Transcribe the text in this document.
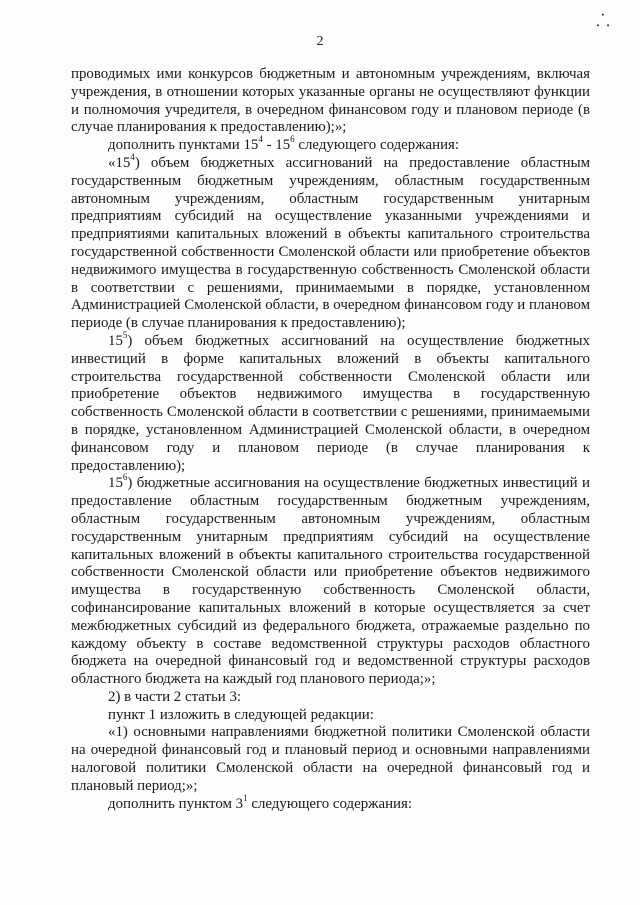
⸫
2

проводимых ими конкурсов бюджетным и автономным учреждениям, включая учреждения, в отношении которых указанные органы не осуществляют функции и полномочия учредителя, в очередном финансовом году и плановом периоде (в случае планирования к предоставлению);»;

дополнить пунктами $15^4 - 15^6$ следующего содержания:

«$15^4$) объем бюджетных ассигнований на предоставление областным государственным бюджетным учреждениям, областным государственным автономным учреждениям, областным государственным унитарным предприятиям субсидий на осуществление указанными учреждениями и предприятиями капитальных вложений в объекты капитального строительства государственной собственности Смоленской области или приобретение объектов недвижимого имущества в государственную собственность Смоленской области в соответствии с решениями, принимаемыми в порядке, установленном Администрацией Смоленской области, в очередном финансовом году и плановом периоде (в случае планирования к предоставлению);

$15^5$) объем бюджетных ассигнований на осуществление бюджетных инвестиций в форме капитальных вложений в объекты капитального строительства государственной собственности Смоленской области или приобретение объектов недвижимого имущества в государственную собственность Смоленской области в соответствии с решениями, принимаемыми в порядке, установленном Администрацией Смоленской области, в очередном финансовом году и плановом периоде (в случае планирования к предоставлению);

$15^6$) бюджетные ассигнования на осуществление бюджетных инвестиций и предоставление областным государственным бюджетным учреждениям, областным государственным автономным учреждениям, областным государственным унитарным предприятиям субсидий на осуществление капитальных вложений в объекты капитального строительства государственной собственности Смоленской области или приобретение объектов недвижимого имущества в государственную собственность Смоленской области, софинансирование капитальных вложений в которые осуществляется за счет межбюджетных субсидий из федерального бюджета, отражаемые раздельно по каждому объекту в составе ведомственной структуры расходов областного бюджета на очередной финансовый год и ведомственной структуры расходов областного бюджета на каждый год планового периода;»;

2) в части 2 статьи 3:

пункт 1 изложить в следующей редакции:

«1) основными направлениями бюджетной политики Смоленской области на очередной финансовый год и плановый период и основными направлениями налоговой политики Смоленской области на очередной финансовый год и плановый период;»;

дополнить пунктом $3^1$ следующего содержания:
